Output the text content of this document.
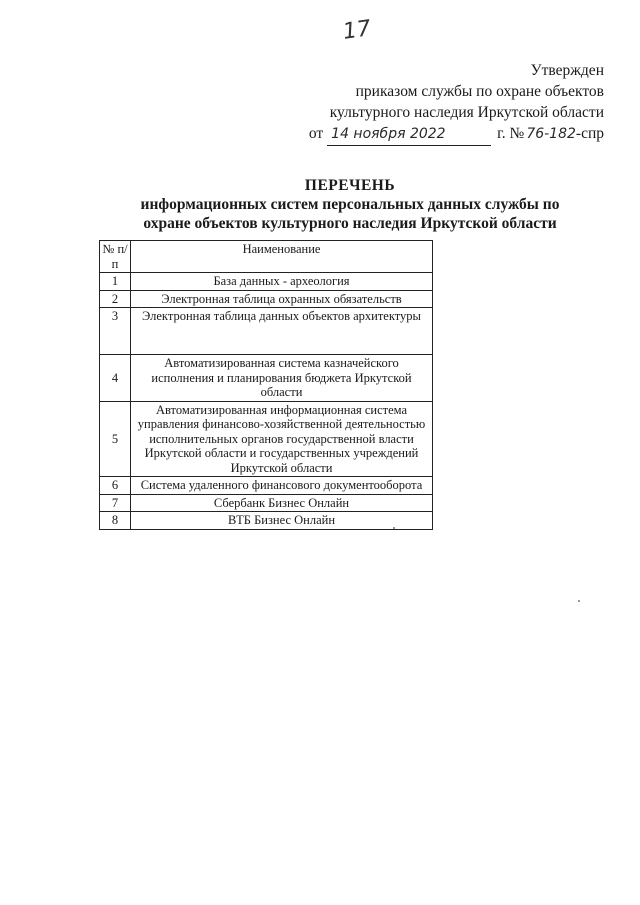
17
Утвержден
приказом службы по охране объектов
культурного наследия Иркутской области
от 14 ноября 2022	г. № 76-182 -спр
ПЕРЕЧЕНЬ
информационных систем персональных данных службы по
охране объектов культурного наследия Иркутской области
№ п/п	Наименование
1	База данных - археология
2	Электронная таблица охранных обязательств
3	Электронная таблица данных объектов архитектуры
4	Автоматизированная система казначейского исполнения и планирования бюджета Иркутской области
5	Автоматизированная информационная система управления финансово-хозяйственной деятельностью исполнительных органов государственной власти Иркутской области и государственных учреждений Иркутской области
6	Система удаленного финансового документооборота
7	Сбербанк Бизнес Онлайн
8	ВТБ Бизнес Онлайн
